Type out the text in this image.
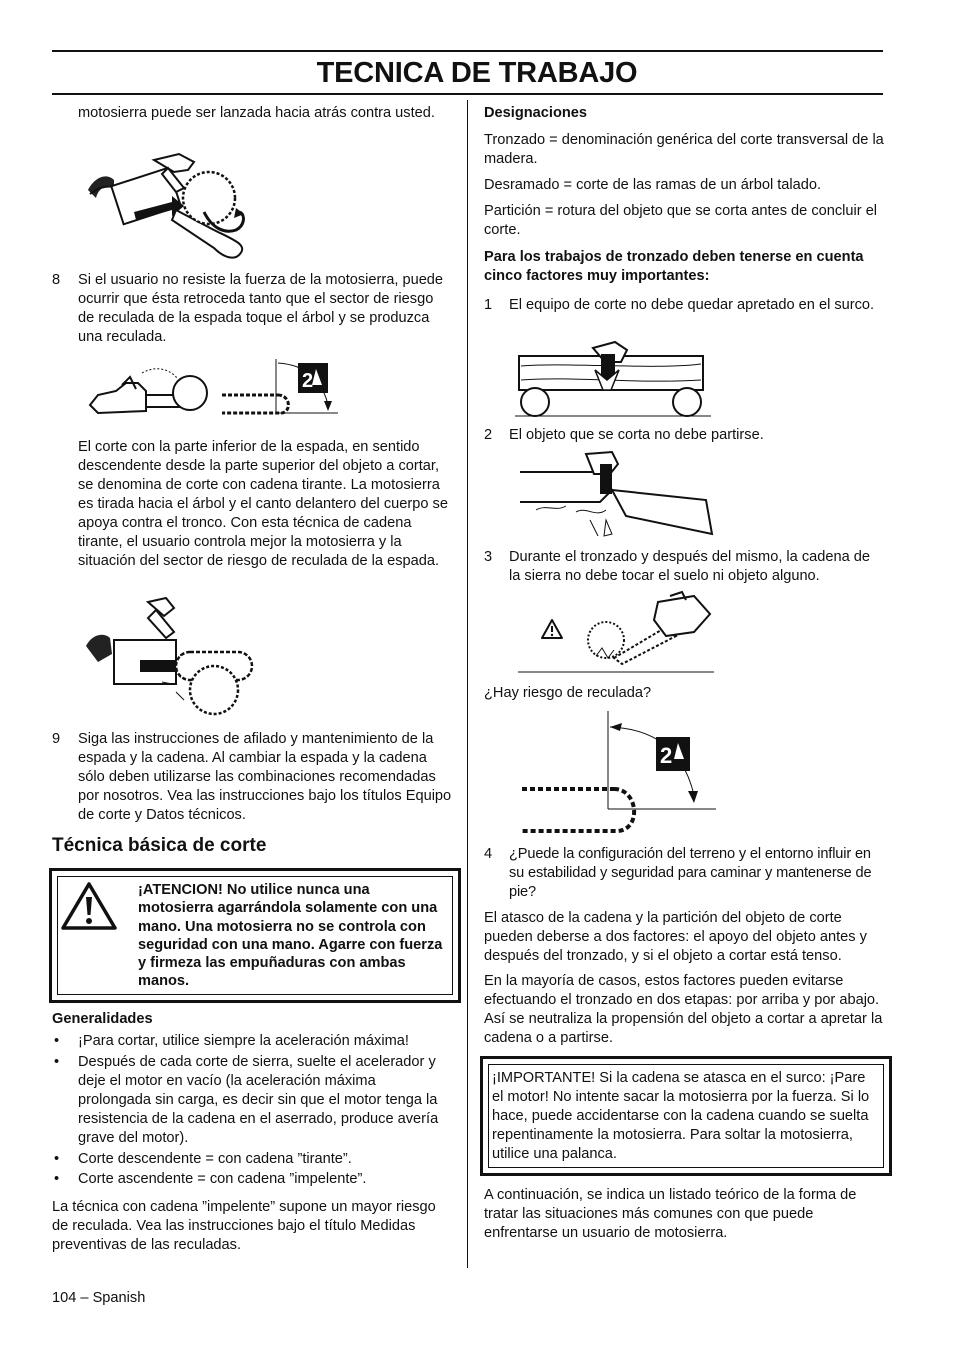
TECNICA DE TRABAJO

motosierra puede ser lanzada hacia atrás contra usted.

8 Si el usuario no resiste la fuerza de la motosierra, puede ocurrir que ésta retroceda tanto que el sector de riesgo de reculada de la espada toque el árbol y se produzca una reculada.

2

El corte con la parte inferior de la espada, en sentido descendente desde la parte superior del objeto a cortar, se denomina de corte con cadena tirante. La motosierra es tirada hacia el árbol y el canto delantero del cuerpo se apoya contra el tronco. Con esta técnica de cadena tirante, el usuario controla mejor la motosierra y la situación del sector de riesgo de reculada de la espada.

9 Siga las instrucciones de afilado y mantenimiento de la espada y la cadena. Al cambiar la espada y la cadena sólo deben utilizarse las combinaciones recomendadas por nosotros. Vea las instrucciones bajo los títulos Equipo de corte y Datos técnicos.

Técnica básica de corte

¡ATENCION! No utilice nunca una motosierra agarrándola solamente con una mano. Una motosierra no se controla con seguridad con una mano. Agarre con fuerza y firmeza las empuñaduras con ambas manos.

Generalidades
• ¡Para cortar, utilice siempre la aceleración máxima!
• Después de cada corte de sierra, suelte el acelerador y deje el motor en vacío (la aceleración máxima prolongada sin carga, es decir sin que el motor tenga la resistencia de la cadena en el aserrado, produce avería grave del motor).
• Corte descendente = con cadena ”tirante”.
• Corte ascendente = con cadena ”impelente”.

La técnica con cadena ”impelente” supone un mayor riesgo de reculada. Vea las instrucciones bajo el título Medidas preventivas de las reculadas.

104 – Spanish
Designaciones

Tronzado = denominación genérica del corte transversal de la madera.

Desramado = corte de las ramas de un árbol talado.

Partición = rotura del objeto que se corta antes de concluir el corte.

Para los trabajos de tronzado deben tenerse en cuenta cinco factores muy importantes:

1 El equipo de corte no debe quedar apretado en el surco.

2 El objeto que se corta no debe partirse.

3 Durante el tronzado y después del mismo, la cadena de la sierra no debe tocar el suelo ni objeto alguno.

¿Hay riesgo de reculada?

2
4 ¿Puede la configuración del terreno y el entorno influir en su estabilidad y seguridad para caminar y mantenerse de pie?

El atasco de la cadena y la partición del objeto de corte pueden deberse a dos factores: el apoyo del objeto antes y después del tronzado, y si el objeto a cortar está tenso.

En la mayoría de casos, estos factores pueden evitarse efectuando el tronzado en dos etapas: por arriba y por abajo. Así se neutraliza la propensión del objeto a cortar a apretar la cadena o a partirse.

¡IMPORTANTE! Si la cadena se atasca en el surco: ¡Pare el motor! No intente sacar la motosierra por la fuerza. Si lo hace, puede accidentarse con la cadena cuando se suelta repentinamente la motosierra. Para soltar la motosierra, utilice una palanca.

A continuación, se indica un listado teórico de la forma de tratar las situaciones más comunes con que puede enfrentarse un usuario de motosierra.
